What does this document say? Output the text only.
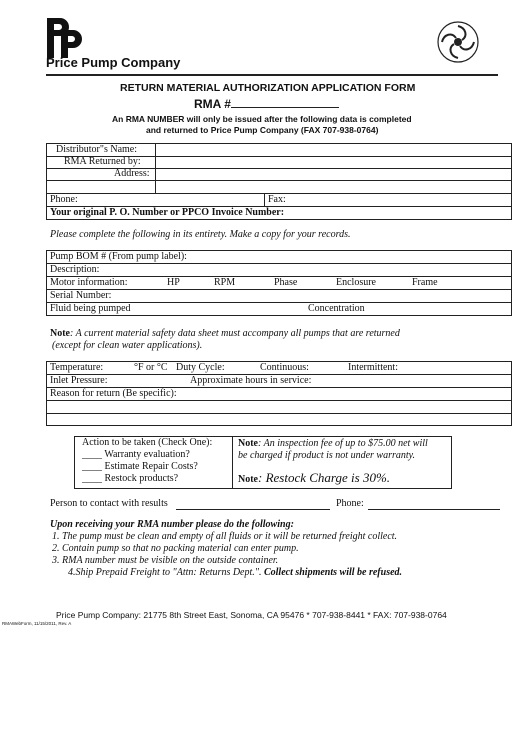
Price Pump Company
RETURN MATERIAL AUTHORIZATION APPLICATION FORM
RMA #
An RMA NUMBER will only be issued after the following data is completed
and returned to Price Pump Company (FAX 707-938-0764)
Distributor"s Name:
RMA Returned by:
Address:
Phone:	Fax:
Your original P. O. Number or PPCO Invoice Number:
Please complete the following in its entirety. Make a copy for your records.
Pump BOM # (From pump label):
Description:
Motor information:	HP	RPM	Phase	Enclosure	Frame
Serial Number:
Fluid being pumped	Concentration
Note: A current material safety data sheet must accompany all pumps that are returned
(except for clean water applications).
Temperature:	°F or °C Duty Cycle:	Continuous:	Intermittent:
Inlet Pressure:	Approximate hours in service:
Reason for return (Be specific):
Action to be taken (Check One):
____ Warranty evaluation?
____ Estimate Repair Costs?
____ Restock products?
Note: An inspection fee of up to $75.00 net will
be charged if product is not under warranty.
Note: Restock Charge is 30%.
Person to contact with results	Phone:
Upon receiving your RMA number please do the following:
1. The pump must be clean and empty of all fluids or it will be returned freight collect.
2. Contain pump so that no packing material can enter pump.
3. RMA number must be visible on the outside container.
4.Ship Prepaid Freight to "Attn: Returns Dept.". Collect shipments will be refused.
Price Pump Company: 21775 8th Street East, Sonoma, CA 95476 * 707-938-8441 * FAX: 707-938-0764
RMAWebForm, 11/15/2011, Rev. A
